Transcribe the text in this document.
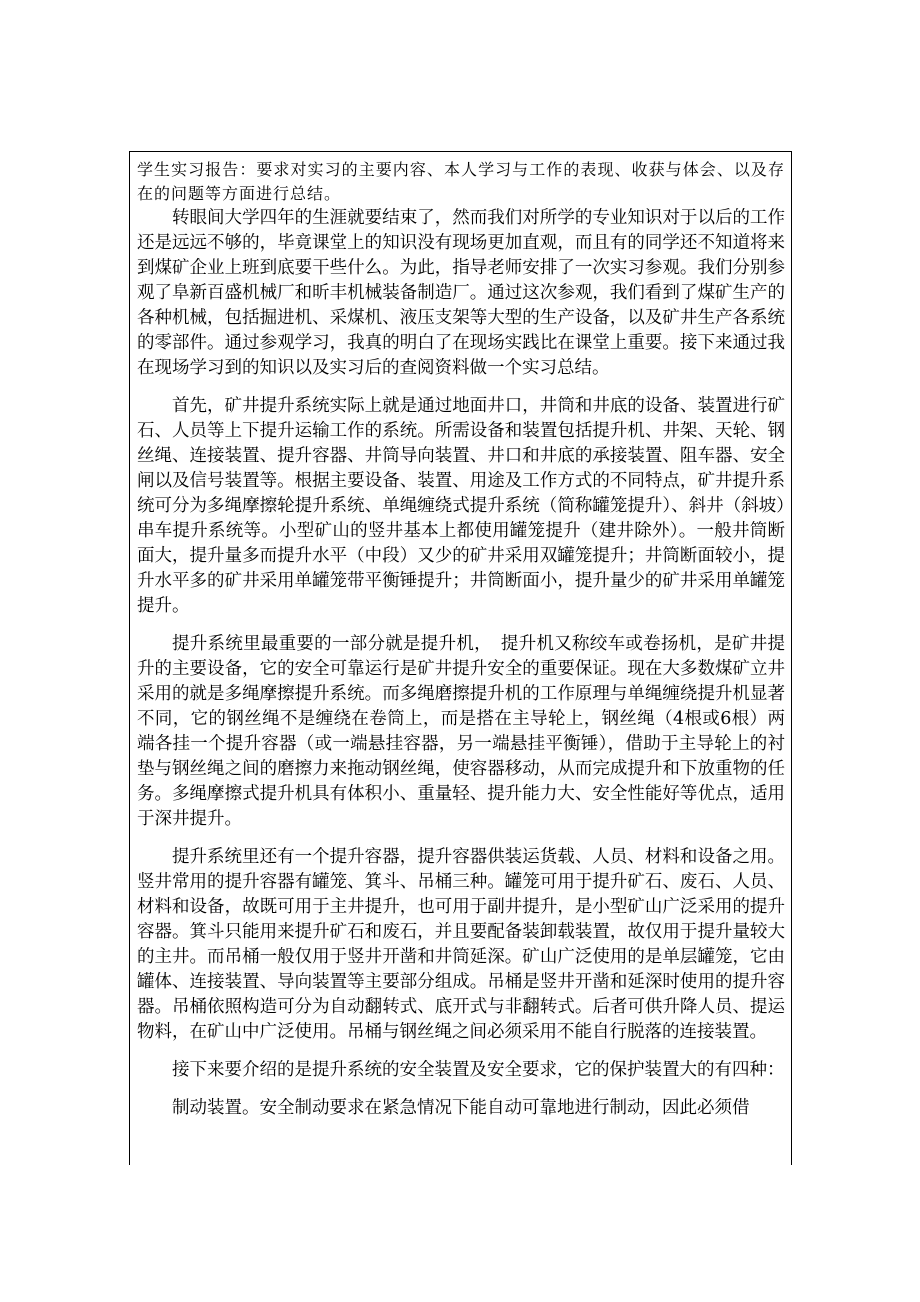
学生实习报告：要求对实习的主要内容、本人学习与工作的表现、收获与体会、以及存在的问题等方面进行总结。

转眼间大学四年的生涯就要结束了，然而我们对所学的专业知识对于以后的工作还是远远不够的，毕竟课堂上的知识没有现场更加直观，而且有的同学还不知道将来到煤矿企业上班到底要干些什么。为此，指导老师安排了一次实习参观。我们分别参观了阜新百盛机械厂和昕丰机械装备制造厂。通过这次参观，我们看到了煤矿生产的各种机械，包括掘进机、采煤机、液压支架等大型的生产设备，以及矿井生产各系统的零部件。通过参观学习，我真的明白了在现场实践比在课堂上重要。接下来通过我在现场学习到的知识以及实习后的查阅资料做一个实习总结。

首先，矿井提升系统实际上就是通过地面井口，井筒和井底的设备、装置进行矿石、人员等上下提升运输工作的系统。所需设备和装置包括提升机、井架、天轮、钢丝绳、连接装置、提升容器、井筒导向装置、井口和井底的承接装置、阻车器、安全闸以及信号装置等。根据主要设备、装置、用途及工作方式的不同特点，矿井提升系统可分为多绳摩擦轮提升系统、单绳缠绕式提升系统（简称罐笼提升）、斜井（斜坡）串车提升系统等。小型矿山的竖井基本上都使用罐笼提升（建井除外）。一般井筒断面大，提升量多而提升水平（中段）又少的矿井采用双罐笼提升；井筒断面较小，提升水平多的矿井采用单罐笼带平衡锤提升；井筒断面小，提升量少的矿井采用单罐笼提升。

提升系统里最重要的一部分就是提升机，　提升机又称绞车或卷扬机，是矿井提升的主要设备，它的安全可靠运行是矿井提升安全的重要保证。现在大多数煤矿立井采用的就是多绳摩擦提升系统。而多绳磨擦提升机的工作原理与单绳缠绕提升机显著不同，它的钢丝绳不是缠绕在卷筒上，而是搭在主导轮上，钢丝绳（4根或6根）两端各挂一个提升容器（或一端悬挂容器，另一端悬挂平衡锤），借助于主导轮上的衬垫与钢丝绳之间的磨擦力来拖动钢丝绳，使容器移动，从而完成提升和下放重物的任务。多绳摩擦式提升机具有体积小、重量轻、提升能力大、安全性能好等优点，适用于深井提升。

提升系统里还有一个提升容器，提升容器供装运货载、人员、材料和设备之用。竖井常用的提升容器有罐笼、箕斗、吊桶三种。罐笼可用于提升矿石、废石、人员、材料和设备，故既可用于主井提升，也可用于副井提升，是小型矿山广泛采用的提升容器。箕斗只能用来提升矿石和废石，并且要配备装卸载装置，故仅用于提升量较大的主井。而吊桶一般仅用于竖井开凿和井筒延深。矿山广泛使用的是单层罐笼，它由罐体、连接装置、导向装置等主要部分组成。吊桶是竖井开凿和延深时使用的提升容器。吊桶依照构造可分为自动翻转式、底开式与非翻转式。后者可供升降人员、提运物料，在矿山中广泛使用。吊桶与钢丝绳之间必须采用不能自行脱落的连接装置。

接下来要介绍的是提升系统的安全装置及安全要求，它的保护装置大的有四种：

制动装置。安全制动要求在紧急情况下能自动可靠地进行制动，因此必须借
